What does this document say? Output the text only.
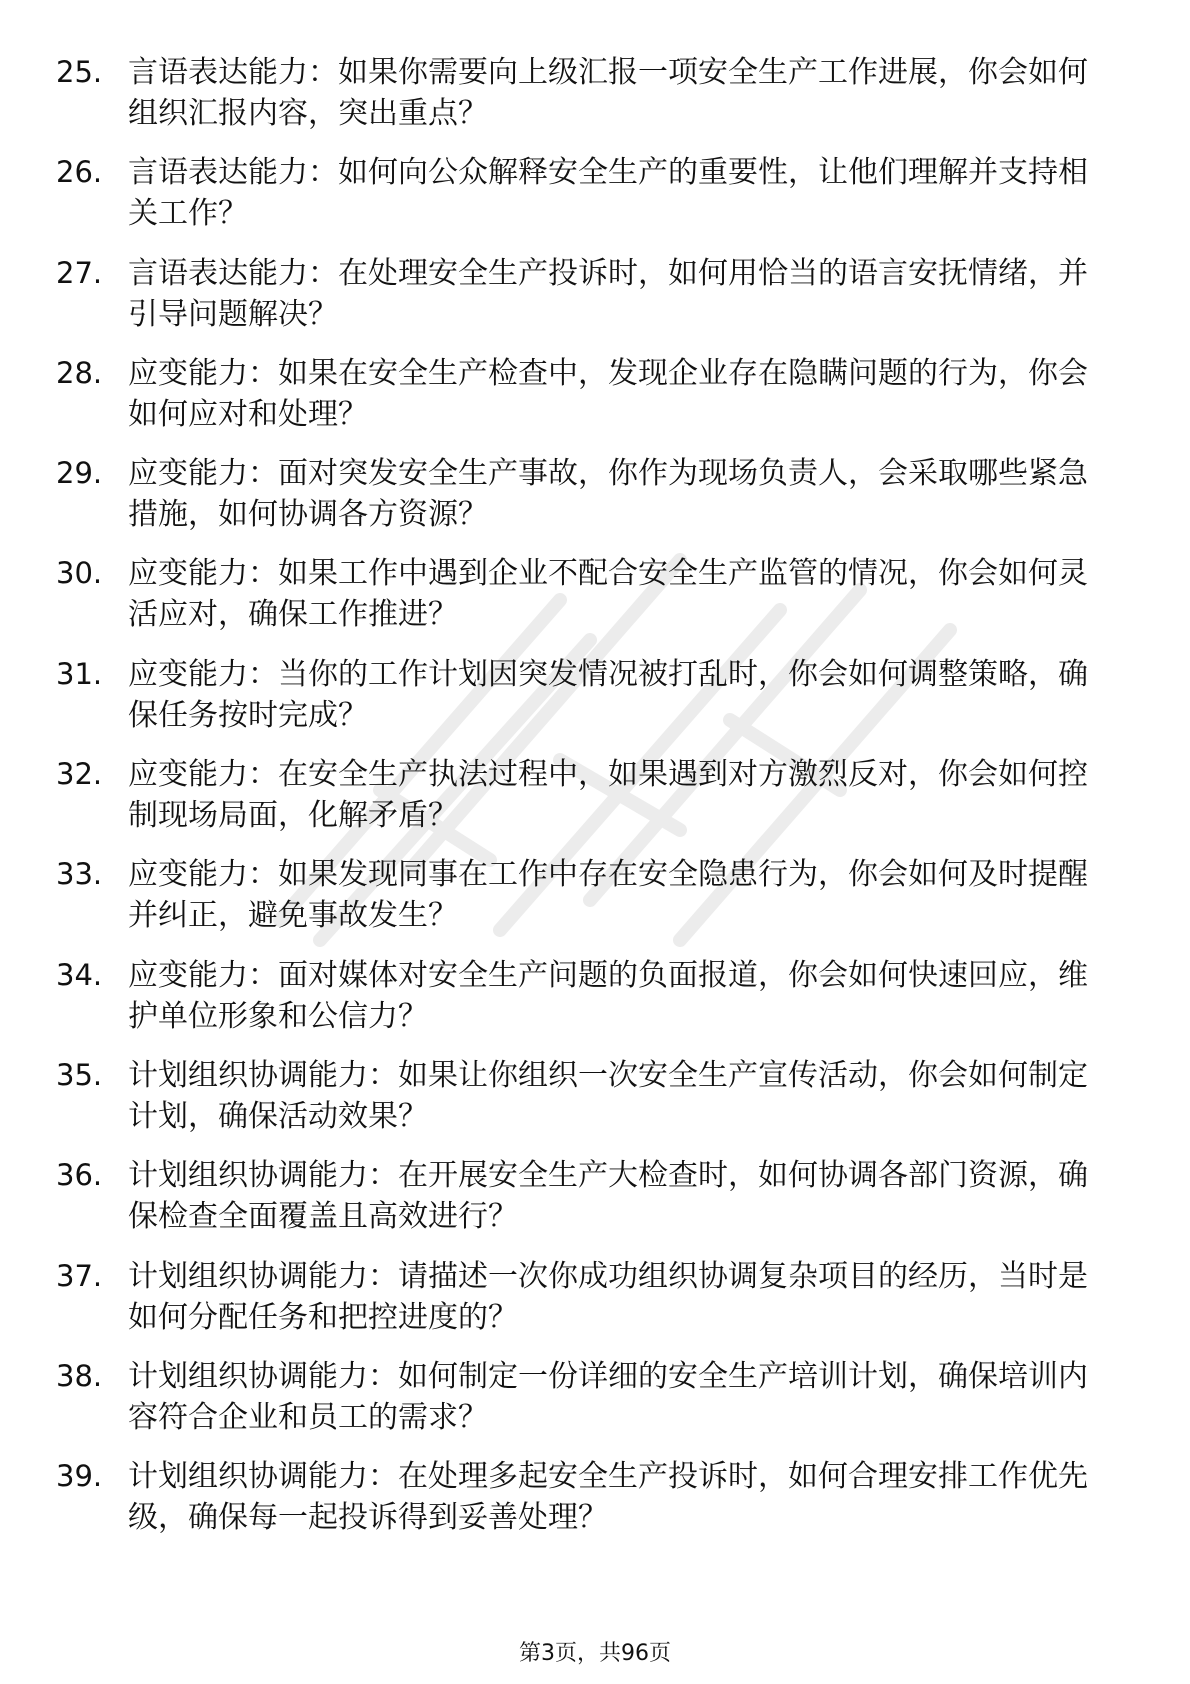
25. 言语表达能力：如果你需要向上级汇报一项安全生产工作进展，你会如何组织汇报内容，突出重点？
26. 言语表达能力：如何向公众解释安全生产的重要性，让他们理解并支持相关工作？
27. 言语表达能力：在处理安全生产投诉时，如何用恰当的语言安抚情绪，并引导问题解决？
28. 应变能力：如果在安全生产检查中，发现企业存在隐瞒问题的行为，你会如何应对和处理？
29. 应变能力：面对突发安全生产事故，你作为现场负责人，会采取哪些紧急措施，如何协调各方资源？
30. 应变能力：如果工作中遇到企业不配合安全生产监管的情况，你会如何灵活应对，确保工作推进？
31. 应变能力：当你的工作计划因突发情况被打乱时，你会如何调整策略，确保任务按时完成？
32. 应变能力：在安全生产执法过程中，如果遇到对方激烈反对，你会如何控制现场局面，化解矛盾？
33. 应变能力：如果发现同事在工作中存在安全隐患行为，你会如何及时提醒并纠正，避免事故发生？
34. 应变能力：面对媒体对安全生产问题的负面报道，你会如何快速回应，维护单位形象和公信力？
35. 计划组织协调能力：如果让你组织一次安全生产宣传活动，你会如何制定计划，确保活动效果？
36. 计划组织协调能力：在开展安全生产大检查时，如何协调各部门资源，确保检查全面覆盖且高效进行？
37. 计划组织协调能力：请描述一次你成功组织协调复杂项目的经历，当时是如何分配任务和把控进度的？
38. 计划组织协调能力：如何制定一份详细的安全生产培训计划，确保培训内容符合企业和员工的需求？
39. 计划组织协调能力：在处理多起安全生产投诉时，如何合理安排工作优先级，确保每一起投诉得到妥善处理？
第3页，共96页
